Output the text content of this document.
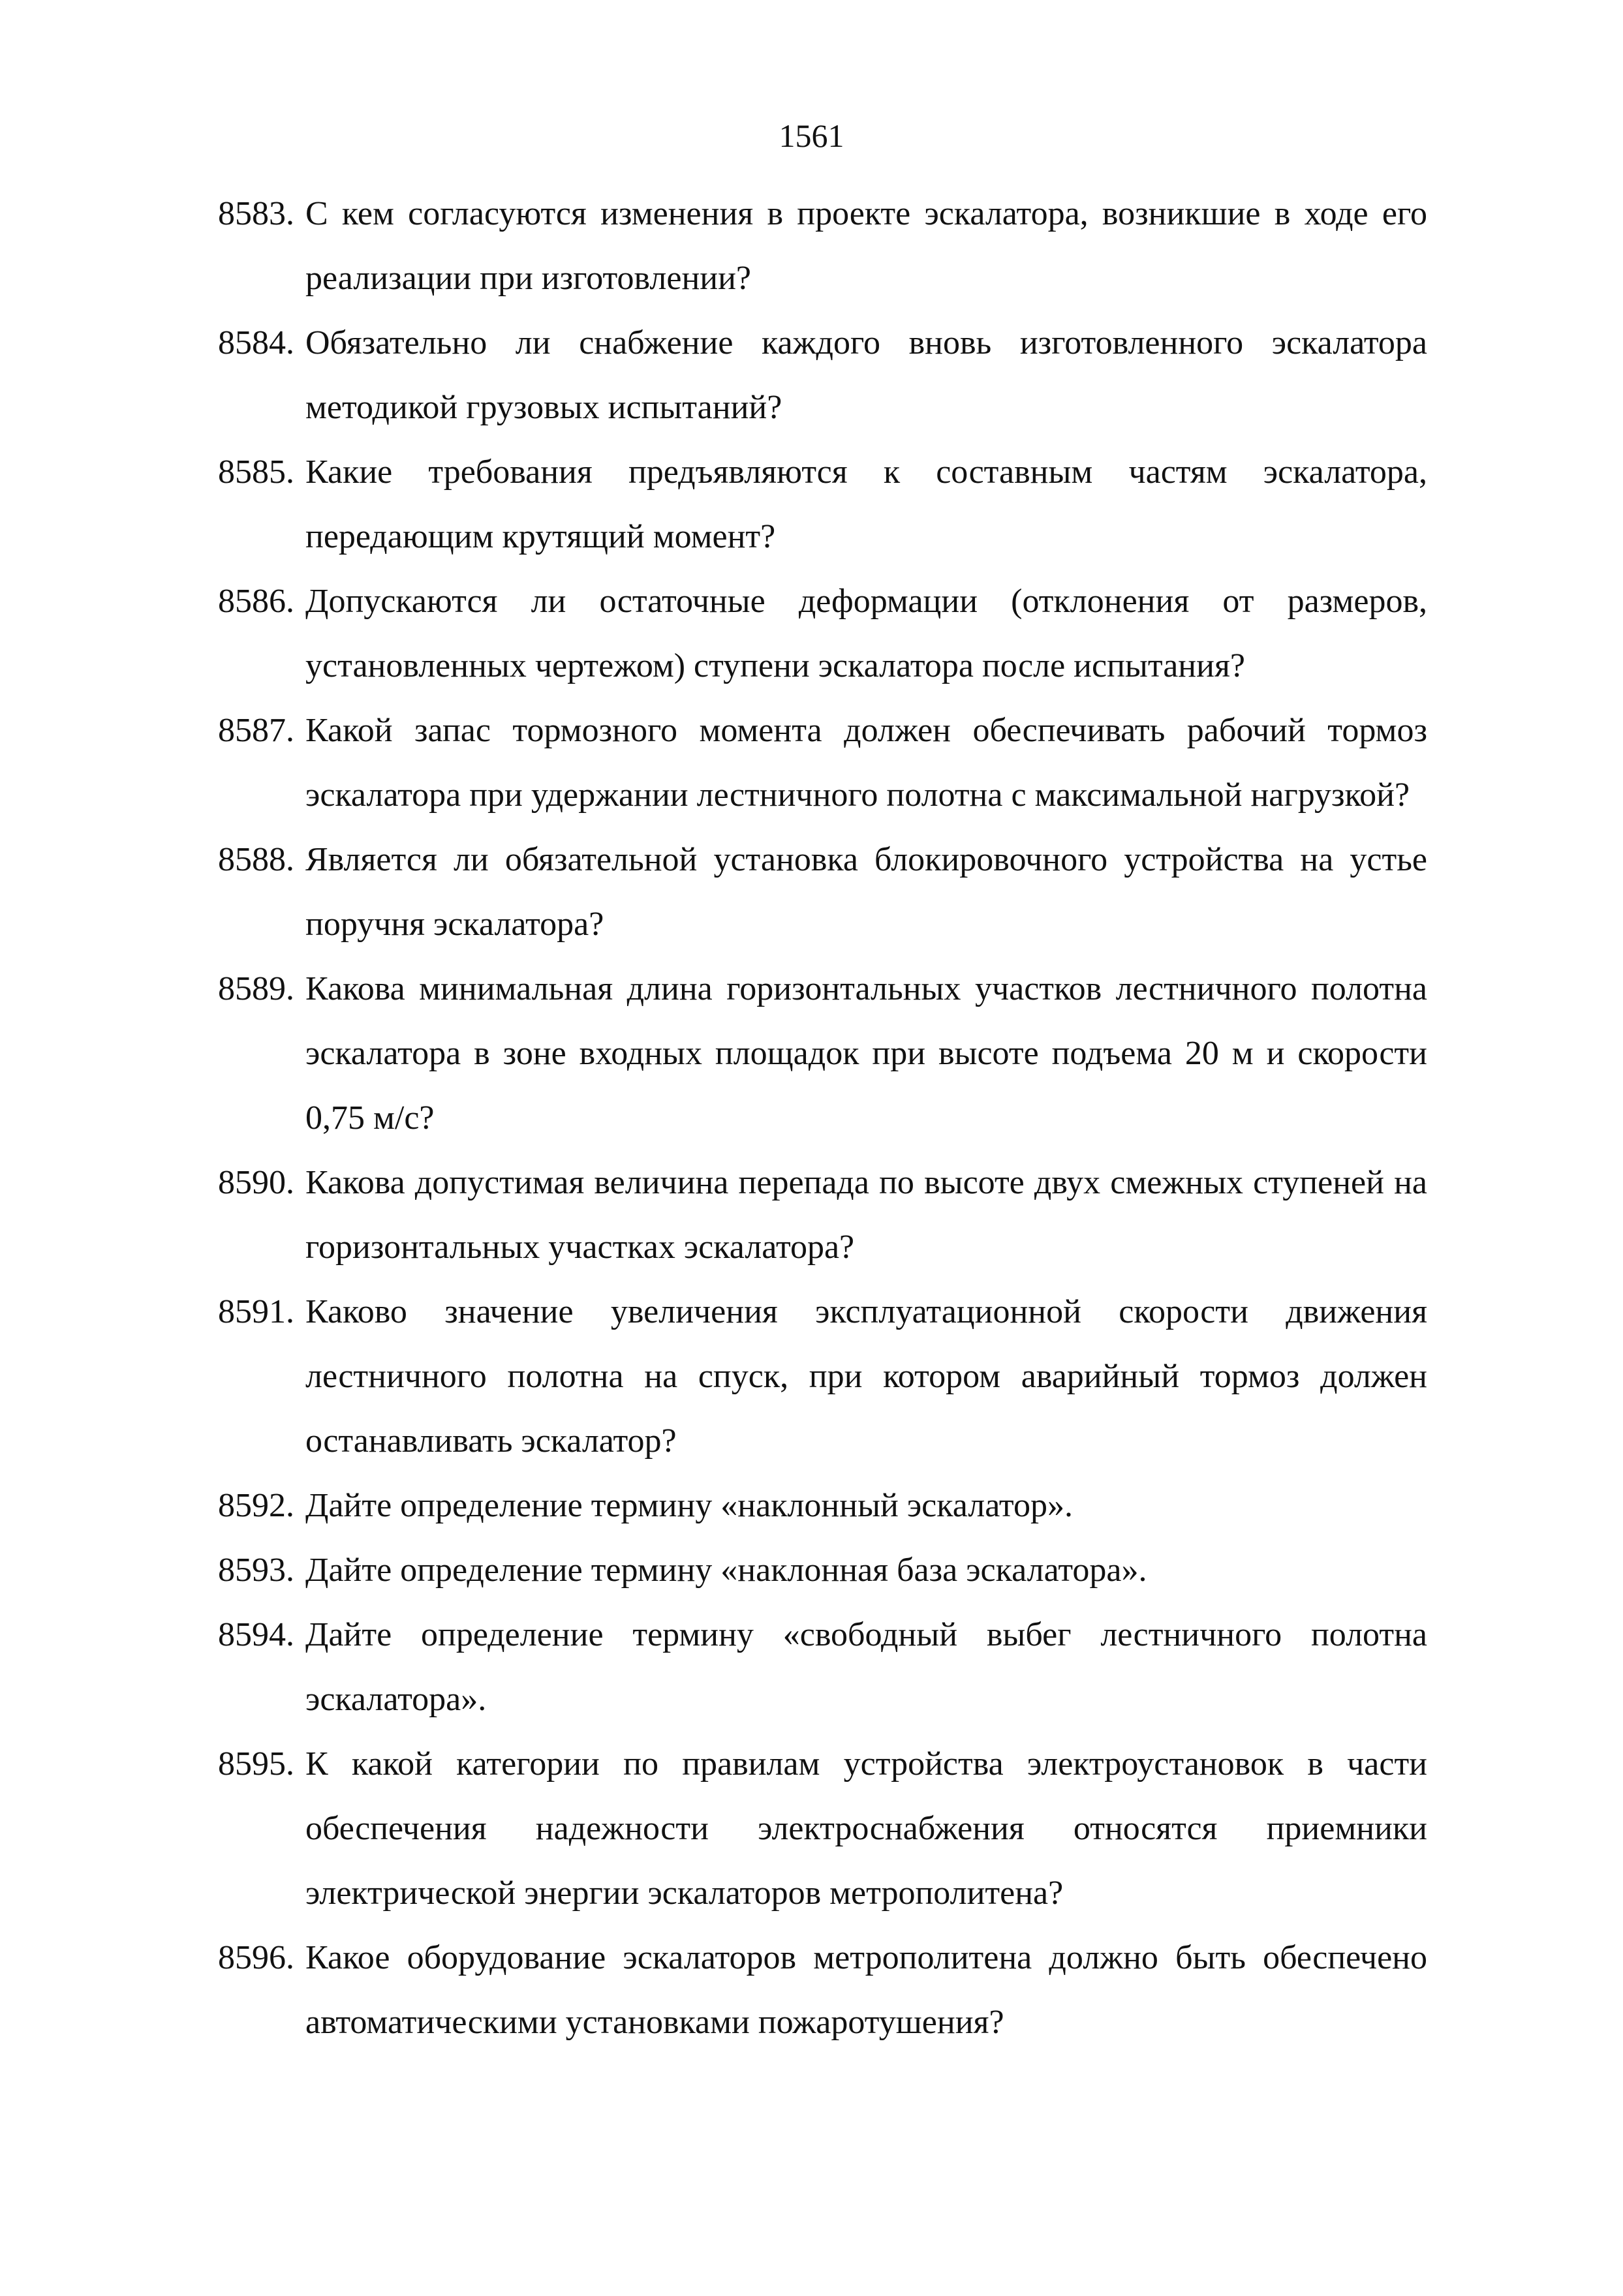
1561
8583. С кем согласуются изменения в проекте эскалатора, возникшие в ходе его реализации при изготовлении?
8584. Обязательно ли снабжение каждого вновь изготовленного эскалатора методикой грузовых испытаний?
8585. Какие требования предъявляются к составным частям эскалатора, передающим крутящий момент?
8586. Допускаются ли остаточные деформации (отклонения от размеров, установленных чертежом) ступени эскалатора после испытания?
8587. Какой запас тормозного момента должен обеспечивать рабочий тормоз эскалатора при удержании лестничного полотна с максимальной нагрузкой?
8588. Является ли обязательной установка блокировочного устройства на устье поручня эскалатора?
8589. Какова минимальная длина горизонтальных участков лестничного полотна эскалатора в зоне входных площадок при высоте подъема 20 м и скорости 0,75 м/с?
8590. Какова допустимая величина перепада по высоте двух смежных ступеней на горизонтальных участках эскалатора?
8591. Каково значение увеличения эксплуатационной скорости движения лестничного полотна на спуск, при котором аварийный тормоз должен останавливать эскалатор?
8592. Дайте определение термину «наклонный эскалатор».
8593. Дайте определение термину «наклонная база эскалатора».
8594. Дайте определение термину «свободный выбег лестничного полотна эскалатора».
8595. К какой категории по правилам устройства электроустановок в части обеспечения надежности электроснабжения относятся приемники электрической энергии эскалаторов метрополитена?
8596. Какое оборудование эскалаторов метрополитена должно быть обеспечено автоматическими установками пожаротушения?
